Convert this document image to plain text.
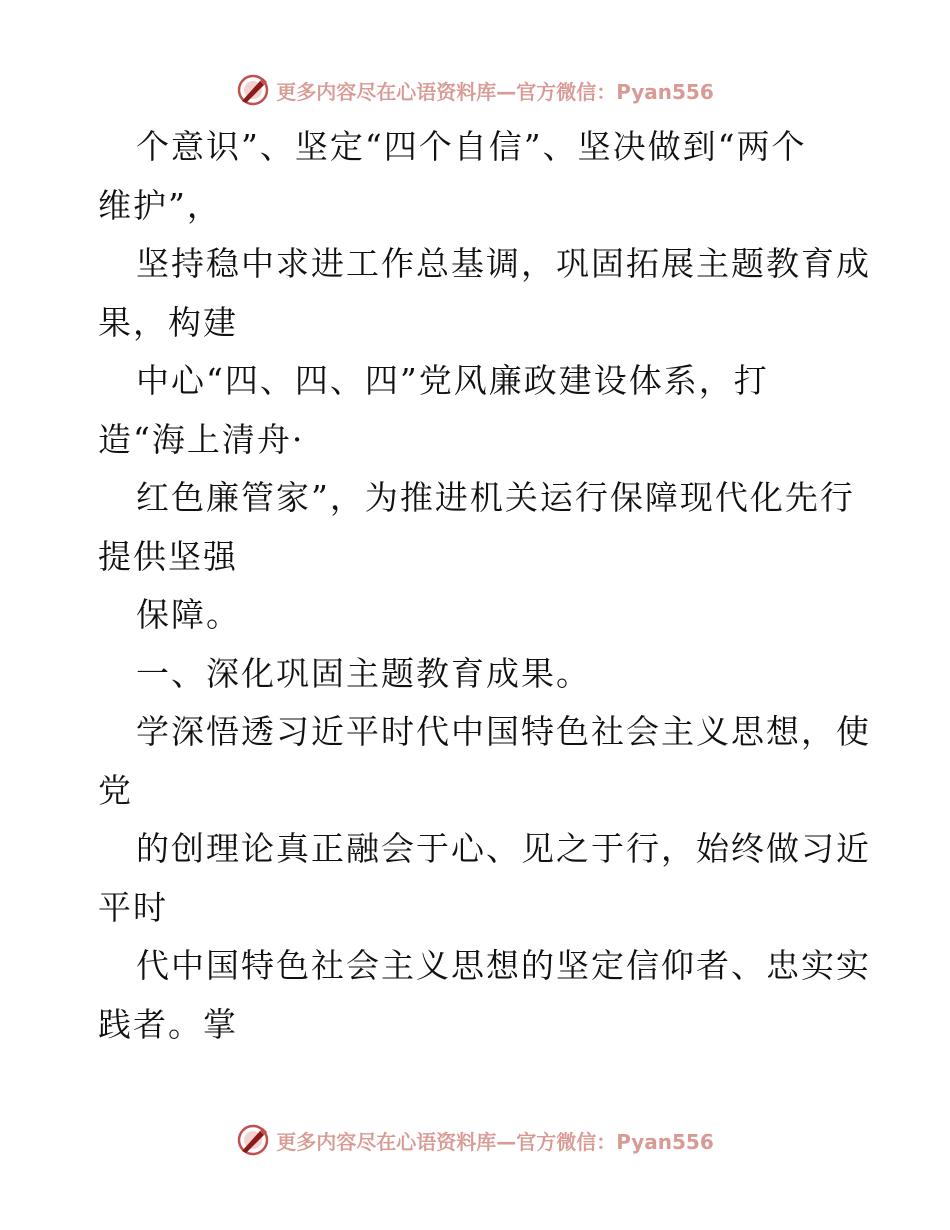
更多内容尽在心语资料库—官方微信：Pyan556
个意识”、坚定“四个自信”、坚决做到“两个
维护”，
坚持稳中求进工作总基调，巩固拓展主题教育成
果，构建
中心“四、四、四”党风廉政建设体系，打
造“海上清舟·
红色廉管家”，为推进机关运行保障现代化先行
提供坚强
保障。
一、深化巩固主题教育成果。
学深悟透习近平时代中国特色社会主义思想，使
党
的创理论真正融会于心、见之于行，始终做习近
平时
代中国特色社会主义思想的坚定信仰者、忠实实
践者。掌
更多内容尽在心语资料库—官方微信：Pyan556
